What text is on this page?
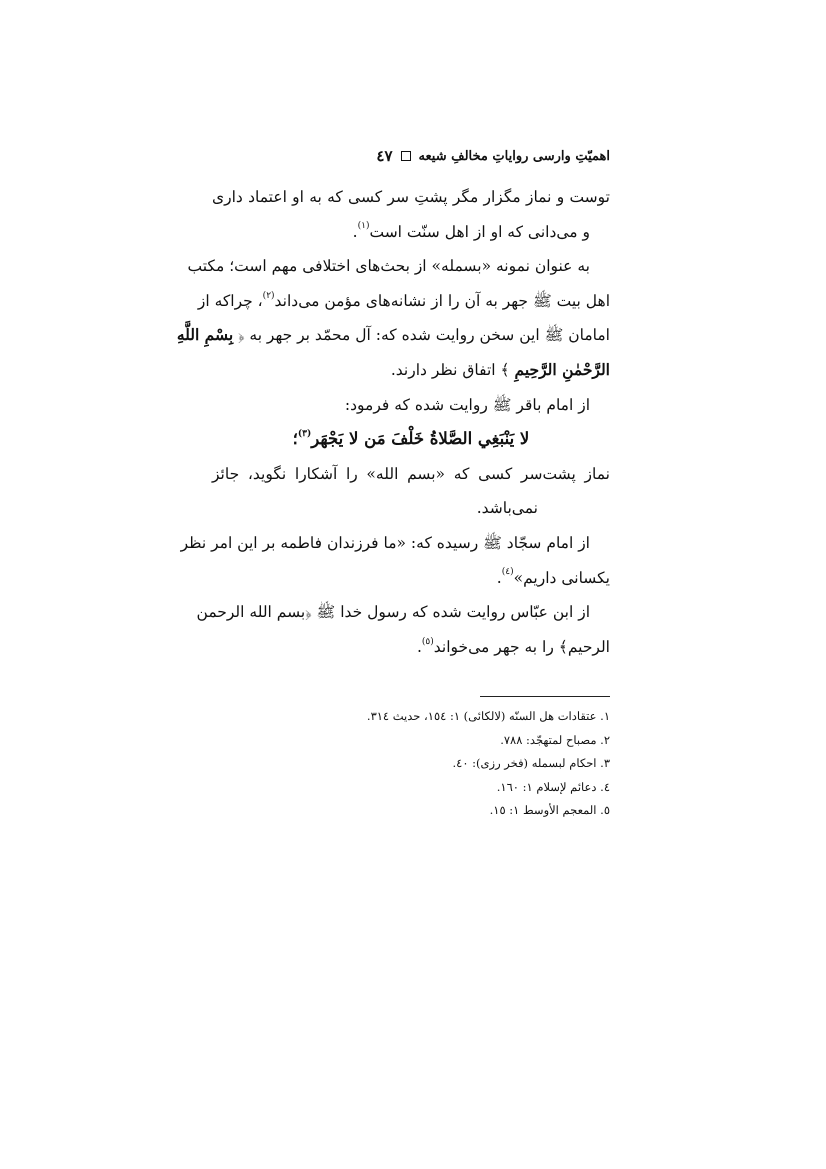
اهمیّتِ وارسی روایاتِ مخالفِ شیعه
٤٧
توست و نماز مگزار مگر پشتِ سر کسی که به او اعتماد داری
و می‌دانی که او از اهل سنّت است$^{(١)}$.
به عنوان نمونه «بسمله» از بحث‌های اختلافی مهم است؛ مکتب
اهل بیت ﷺ جهر به آن را از نشانه‌های مؤمن می‌داند$^{(٢)}$، چراکه از
امامان ﷺ این سخن روایت شده که: آل محمّد بر جهر به ﴿ بِسْمِ اللَّهِ
الرَّحْمٰنِ الرَّحِيمِ ﴾ اتفاق نظر دارند.
از امام باقر ﷺ روایت شده که فرمود:
لا يَنْبَغِي الصَّلاةُ خَلْفَ مَن لا يَجْهَر$^{(٣)}$؛
نماز پشت‌سر کسی که «بسم الله» را آشکارا نگوید، جائز
نمی‌باشد.
از امام سجّاد ﷺ رسیده که: «ما فرزندان فاطمه بر این امر نظر
یکسانی داریم»$^{(٤)}$.
از ابن عبّاس روایت شده که رسول خدا ﷺ ﴿بسم الله الرحمن
الرحيم﴾ را به جهر می‌خواند$^{(٥)}$.
١. عتقادات هل السنّه (لالكائى) ١: ١٥٤، حدیث ٣١٤.
٢. مصباح لمتهجّد: ٧٨٨.
٣. احکام لبسمله (فخر رزی): ٤٠.
٤. دعائم لإسلام ١: ١٦٠.
٥. المعجم الأوسط ١: ١٥.
